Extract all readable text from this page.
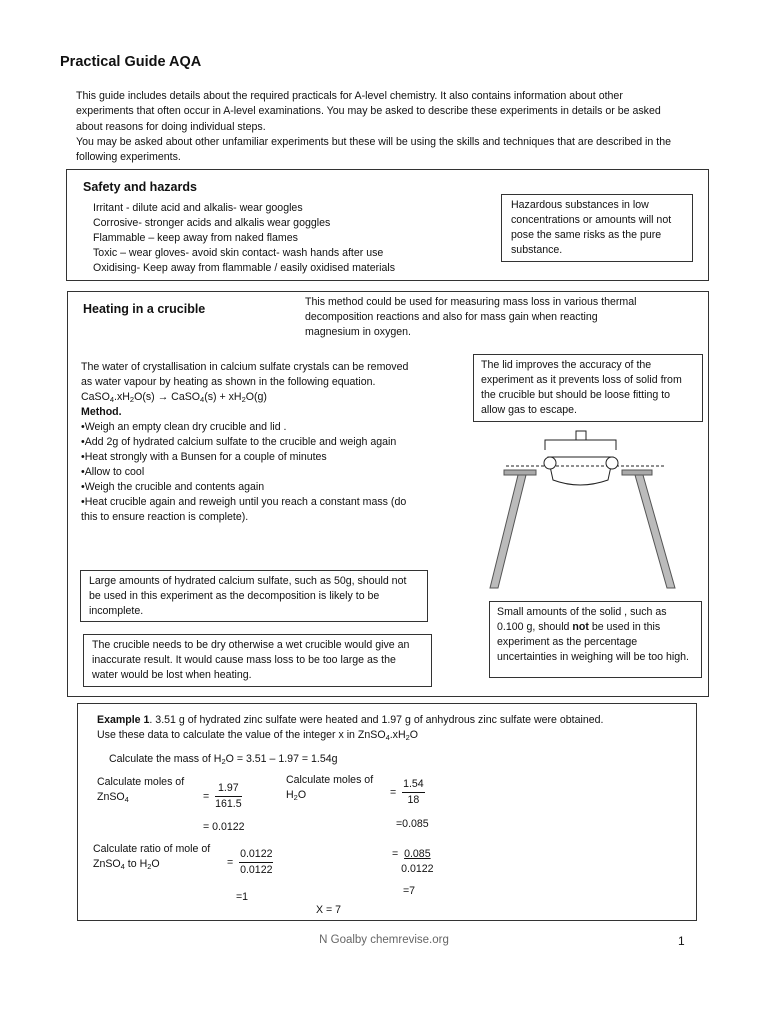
Practical Guide AQA

This guide includes details about the required practicals for A-level chemistry. It also contains information about other experiments that often occur in A-level examinations. You may be asked to describe these experiments in details or be asked about reasons for doing individual steps.

You may be asked about other unfamiliar experiments but these will be using the skills and techniques that are described in the following experiments.

Safety and hazards
Irritant - dilute acid and alkalis- wear googles
Corrosive- stronger acids and alkalis wear goggles
Flammable – keep away from naked flames
Toxic – wear gloves- avoid skin contact- wash hands after use
Oxidising- Keep away from flammable / easily oxidised materials
Hazardous substances in low concentrations or amounts will not pose the same risks as the pure substance.
Heating in a crucible	This method could be used for measuring mass loss in various thermal decomposition reactions and also for mass gain when reacting magnesium in oxygen.
The water of crystallisation in calcium sulfate crystals can be removed as water vapour by heating as shown in the following equation.
$CaSO_4.xH_2O(s)$ → CaSO$_4$(s) + $xH_2O(g)$
Method.
•Weigh an empty clean dry crucible and lid .
•Add 2g of hydrated calcium sulfate to the crucible and weigh again
•Heat strongly with a Bunsen for a couple of minutes
•Allow to cool
•Weigh the crucible and contents again
•Heat crucible again and reweigh until you reach a constant mass (do this to ensure reaction is complete).
The lid improves the accuracy of the experiment as it prevents loss of solid from the crucible but should be loose fitting to allow gas to escape.
Large amounts of hydrated calcium sulfate, such as 50g, should not be used in this experiment as the decomposition is likely to be incomplete.
The crucible needs to be dry otherwise a wet crucible would give an inaccurate result. It would cause mass loss to be too large as the water would be lost when heating.
Small amounts of the solid , such as 0.100 g, should not be used in this experiment as the percentage uncertainties in weighing will be too high.
Example 1. 3.51 g of hydrated zinc sulfate were heated and 1.97 g of anhydrous zinc sulfate were obtained.
Use these data to calculate the value of the integer x in $ZnSO_4.xH_2O$
Calculate the mass of $H_2O = 3.51 - 1.97 = 1.54g$
Calculate moles of ZnSO$_4$	= $\frac{1.97}{161.5}$
= 0.0122
Calculate moles of $H_2O$	= $\frac{1.54}{18}$
=0.085
Calculate ratio of mole of ZnSO$_4$ to $H_2O$	= $\frac{0.0122}{0.0122}$
=1
= $\frac{0.085}{0.0122}$
=7
X = 7
N Goalby chemrevise.org	1
